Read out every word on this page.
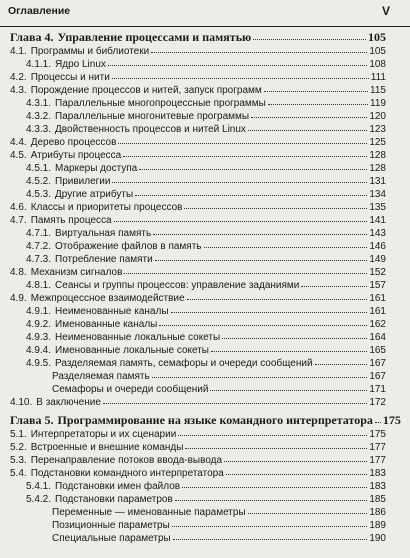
Оглавление	V
Глава 4. Управление процессами и памятью	105
4.1. Программы и библиотеки	105
4.1.1. Ядро Linux	108
4.2. Процессы и нити	111
4.3. Порождение процессов и нитей, запуск программ	115
4.3.1. Параллельные многопроцессные программы	119
4.3.2. Параллельные многонитевые программы	120
4.3.3. Двойственность процессов и нитей Linux	123
4.4. Дерево процессов	125
4.5. Атрибуты процесса	128
4.5.1. Маркеры доступа	128
4.5.2. Привилегии	131
4.5.3. Другие атрибуты	134
4.6. Классы и приоритеты процессов	135
4.7. Память процесса	141
4.7.1. Виртуальная память	143
4.7.2. Отображение файлов в память	146
4.7.3. Потребление памяти	149
4.8. Механизм сигналов	152
4.8.1. Сеансы и группы процессов: управление заданиями	157
4.9. Межпроцессное взаимодействие	161
4.9.1. Неименованные каналы	161
4.9.2. Именованные каналы	162
4.9.3. Неименованные локальные сокеты	164
4.9.4. Именованные локальные сокеты	165
4.9.5. Разделяемая память, семафоры и очереди сообщений	167
Разделяемая память	167
Семафоры и очереди сообщений	171
4.10. В заключение	172
Глава 5. Программирование на языке командного интерпретатора 175
5.1. Интерпретаторы и их сценарии	175
5.2. Встроенные и внешние команды	177
5.3. Перенаправление потоков ввода-вывода	177
5.4. Подстановки командного интерпретатора	183
5.4.1. Подстановки имен файлов	183
5.4.2. Подстановки параметров	185
Переменные — именованные параметры	186
Позиционные параметры	189
Специальные параметры	190
